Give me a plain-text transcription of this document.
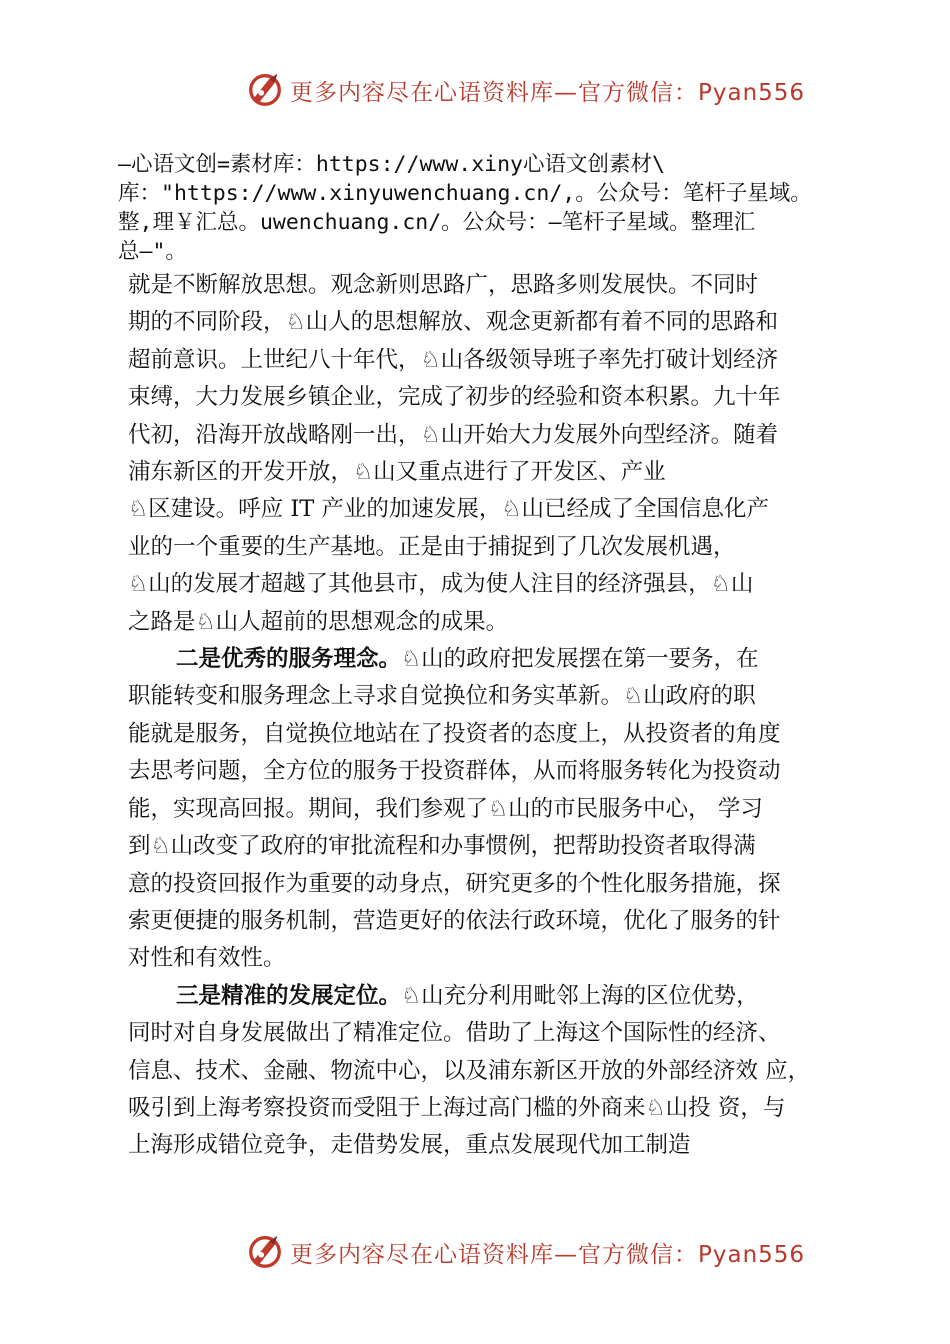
更多内容尽在心语资料库—官方微信：Pyan556
—心语文创=素材库：https://www.xiny心语文创素材\
库："https://www.xinyuwenchuang.cn/,。公众号：笔杆子星域。
整,理￥汇总。uwenchuang.cn/。公众号：—笔杆子星域。整理汇
总—"。
就是不断解放思想。观念新则思路广，思路多则发展快。不同时
期的不同阶段，♘山人的思想解放、观念更新都有着不同的思路和
超前意识。上世纪八十年代，♘山各级领导班子率先打破计划经济
束缚，大力发展乡镇企业，完成了初步的经验和资本积累。九十年
代初，沿海开放战略刚一出，♘山开始大力发展外向型经济。随着
浦东新区的开发开放，♘山又重点进行了开发区、产业
♘区建设。呼应 IT 产业的加速发展，♘山已经成了全国信息化产
业的一个重要的生产基地。正是由于捕捉到了几次发展机遇，
♘山的发展才超越了其他县市，成为使人注目的经济强县，♘山
之路是♘山人超前的思想观念的成果。
二是优秀的服务理念。♘山的政府把发展摆在第一要务，在
职能转变和服务理念上寻求自觉换位和务实革新。♘山政府的职
能就是服务，自觉换位地站在了投资者的态度上，从投资者的角度
去思考问题，全方位的服务于投资群体，从而将服务转化为投资动
能，实现高回报。期间，我们参观了♘山的市民服务中心， 学习
到♘山改变了政府的审批流程和办事惯例，把帮助投资者取得满
意的投资回报作为重要的动身点，研究更多的个性化服务措施，探
索更便捷的服务机制，营造更好的依法行政环境，优化了服务的针
对性和有效性。
三是精准的发展定位。♘山充分利用毗邻上海的区位优势，
同时对自身发展做出了精准定位。借助了上海这个国际性的经济、
信息、技术、金融、物流中心，以及浦东新区开放的外部经济效 应，
吸引到上海考察投资而受阻于上海过高门槛的外商来♘山投 资，与
上海形成错位竞争，走借势发展，重点发展现代加工制造
更多内容尽在心语资料库—官方微信：Pyan556
